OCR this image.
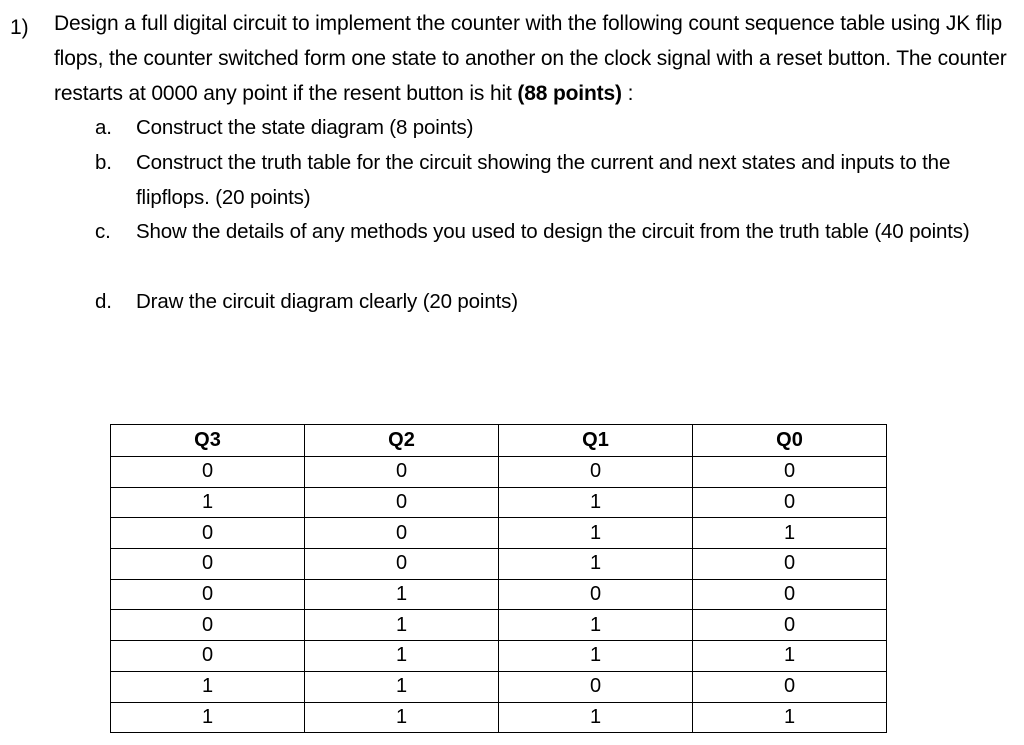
1) Design a full digital circuit to implement the counter with the following count sequence table using JK flip flops, the counter switched form one state to another on the clock signal with a reset button. The counter restarts at 0000 any point if the resent button is hit (88 points) :
a. Construct the state diagram (8 points)
b. Construct the truth table for the circuit showing the current and next states and inputs to the flipflops. (20 points)
c. Show the details of any methods you used to design the circuit from the truth table (40 points)
d. Draw the circuit diagram clearly (20 points)
Q3	Q2	Q1	Q0
0	0	0	0
1	0	1	0
0	0	1	1
0	0	1	0
0	1	0	0
0	1	1	0
0	1	1	1
1	1	0	0
1	1	1	1
